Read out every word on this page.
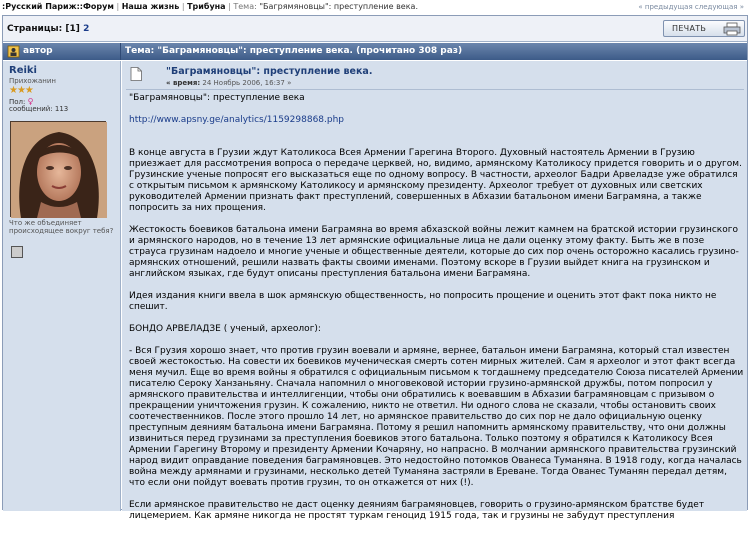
:Русский Париж::Форум | Наша жизнь | Трибуна | Тема: "Багрямяновцы": преступление века.	« предыдущая следующая »
Страницы: [1] 2	ПЕЧАТЬ
автор	Тема: "Баграмяновцы": преступление века. (прочитано 308 раз)
Reiki
Прихожанин
★★★
Пол: ♀
сообщений: 113
Что же объединяет происходящее вокруг тебя?
"Баграмяновцы": преступление века.
« время: 24 Ноябрь 2006, 16:37 »

"Баграмяновцы": преступление века

http://www.apsny.ge/analytics/1159298868.php

В конце августа в Грузии ждут Католикоса Всея Армении Гарегина Второго. Духовный настоятель Армении в Грузию приезжает для рассмотрения вопроса о передаче церквей, но, видимо, армянскому Католикосу придется говорить и о другом. Грузинские ученые попросят его высказаться еще по одному вопросу. В частности, археолог Бадри Арвеладзе уже обратился с открытым письмом к армянскому Католикосу и армянскому президенту. Археолог требует от духовных или светских руководителей Армении признать факт преступлений, совершенных в Абхазии батальоном имени Баграмяна, а также попросить за них прощения.

Жестокость боевиков батальона имени Баграмяна во время абхазской войны лежит камнем на братской истории грузинского и армянского народов, но в течение 13 лет армянские официальные лица не дали оценку этому факту. Быть же в позе страуса грузинам надоело и многие ученые и общественные деятели, которые до сих пор очень осторожно касались грузино-армянских отношений, решили назвать факты своими именами. Поэтому вскоре в Грузии выйдет книга на грузинском и английском языках, где будут описаны преступления батальона имени Баграмяна.

Идея издания книги ввела в шок армянскую общественность, но попросить прощение и оценить этот факт пока никто не спешит.

БОНДО АРВЕЛАДЗЕ ( ученый, археолог):

- Вся Грузия хорошо знает, что против грузин воевали и армяне, вернее, батальон имени Баграмяна, который стал известен своей жестокостью. На совести их боевиков мученическая смерть сотен мирных жителей. Сам я археолог и этот факт всегда меня мучил. Еще во время войны я обратился с официальным письмом к тогдашнему председателю Союза писателей Армении писателю Сероку Ханзаньяну. Сначала напомнил о многовековой истории грузино-армянской дружбы, потом попросил у армянского правительства и интеллигенции, чтобы они обратились к воевавшим в Абхазии баграмяновцам с призывом о прекращении уничтожения грузин. К сожалению, никто не ответил. Ни одного слова не сказали, чтобы остановить своих соотечественников. После этого прошло 14 лет, но армянское правительство до сих пор не дало официальную оценку преступным деяниям батальона имени Баграмяна. Потому я решил напомнить армянскому правительству, что они должны извиниться перед грузинами за преступления боевиков этого батальона. Только поэтому я обратился к Католикосу Всея Армении Гарегину Второму и президенту Армении Кочаряну, но напрасно. В молчании армянского правительства грузинский народ видит оправдание поведения баграмяновцев. Это недостойно потомков Ованеса Туманяна. В 1918 году, когда началась война между армянами и грузинами, несколько детей Туманяна застряли в Ереване. Тогда Ованес Туманян передал детям, что если они пойдут воевать против грузин, то он откажется от них (!).

Если армянское правительство не даст оценку деяниям баграмяновцев, говорить о грузино-армянском братстве будет лицемерием. Как армяне никогда не простят туркам геноцид 1915 года, так и грузины не забудут преступления
